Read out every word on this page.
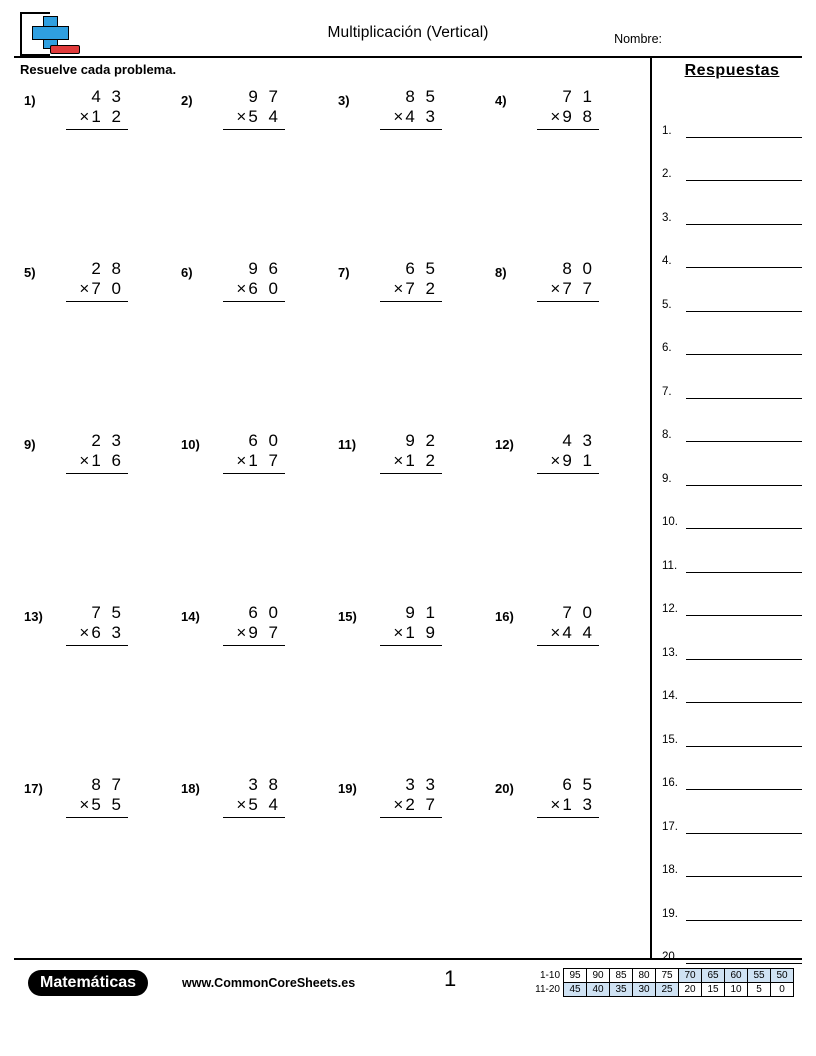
Multiplicación (Vertical)	Nombre:
Resuelve cada problema.
1)	4 3
× 1 2
2)	9 7
× 5 4
3)	8 5
× 4 3
4)	7 1
× 9 8
5)	2 8
× 7 0
6)	9 6
× 6 0
7)	6 5
× 7 2
8)	8 0
× 7 7
9)	2 3
× 1 6
10)	6 0
× 1 7
11)	9 2
× 1 2
12)	4 3
× 9 1
13)	7 5
× 6 3
14)	6 0
× 9 7
15)	9 1
× 1 9
16)	7 0
× 4 4
17)	8 7
× 5 5
18)	3 8
× 5 4
19)	3 3
× 2 7
20)	6 5
× 1 3
Respuestas
1.
2.
3.
4.
5.
6.
7.
8.
9.
10.
11.
12.
13.
14.
15.
16.
17.
18.
19.
20.
Matemáticas	www.CommonCoreSheets.es	1	1-10	95	90	85	80	75	70	65	60	55	50
11-20	45	40	35	30	25	20	15	10	5	0
